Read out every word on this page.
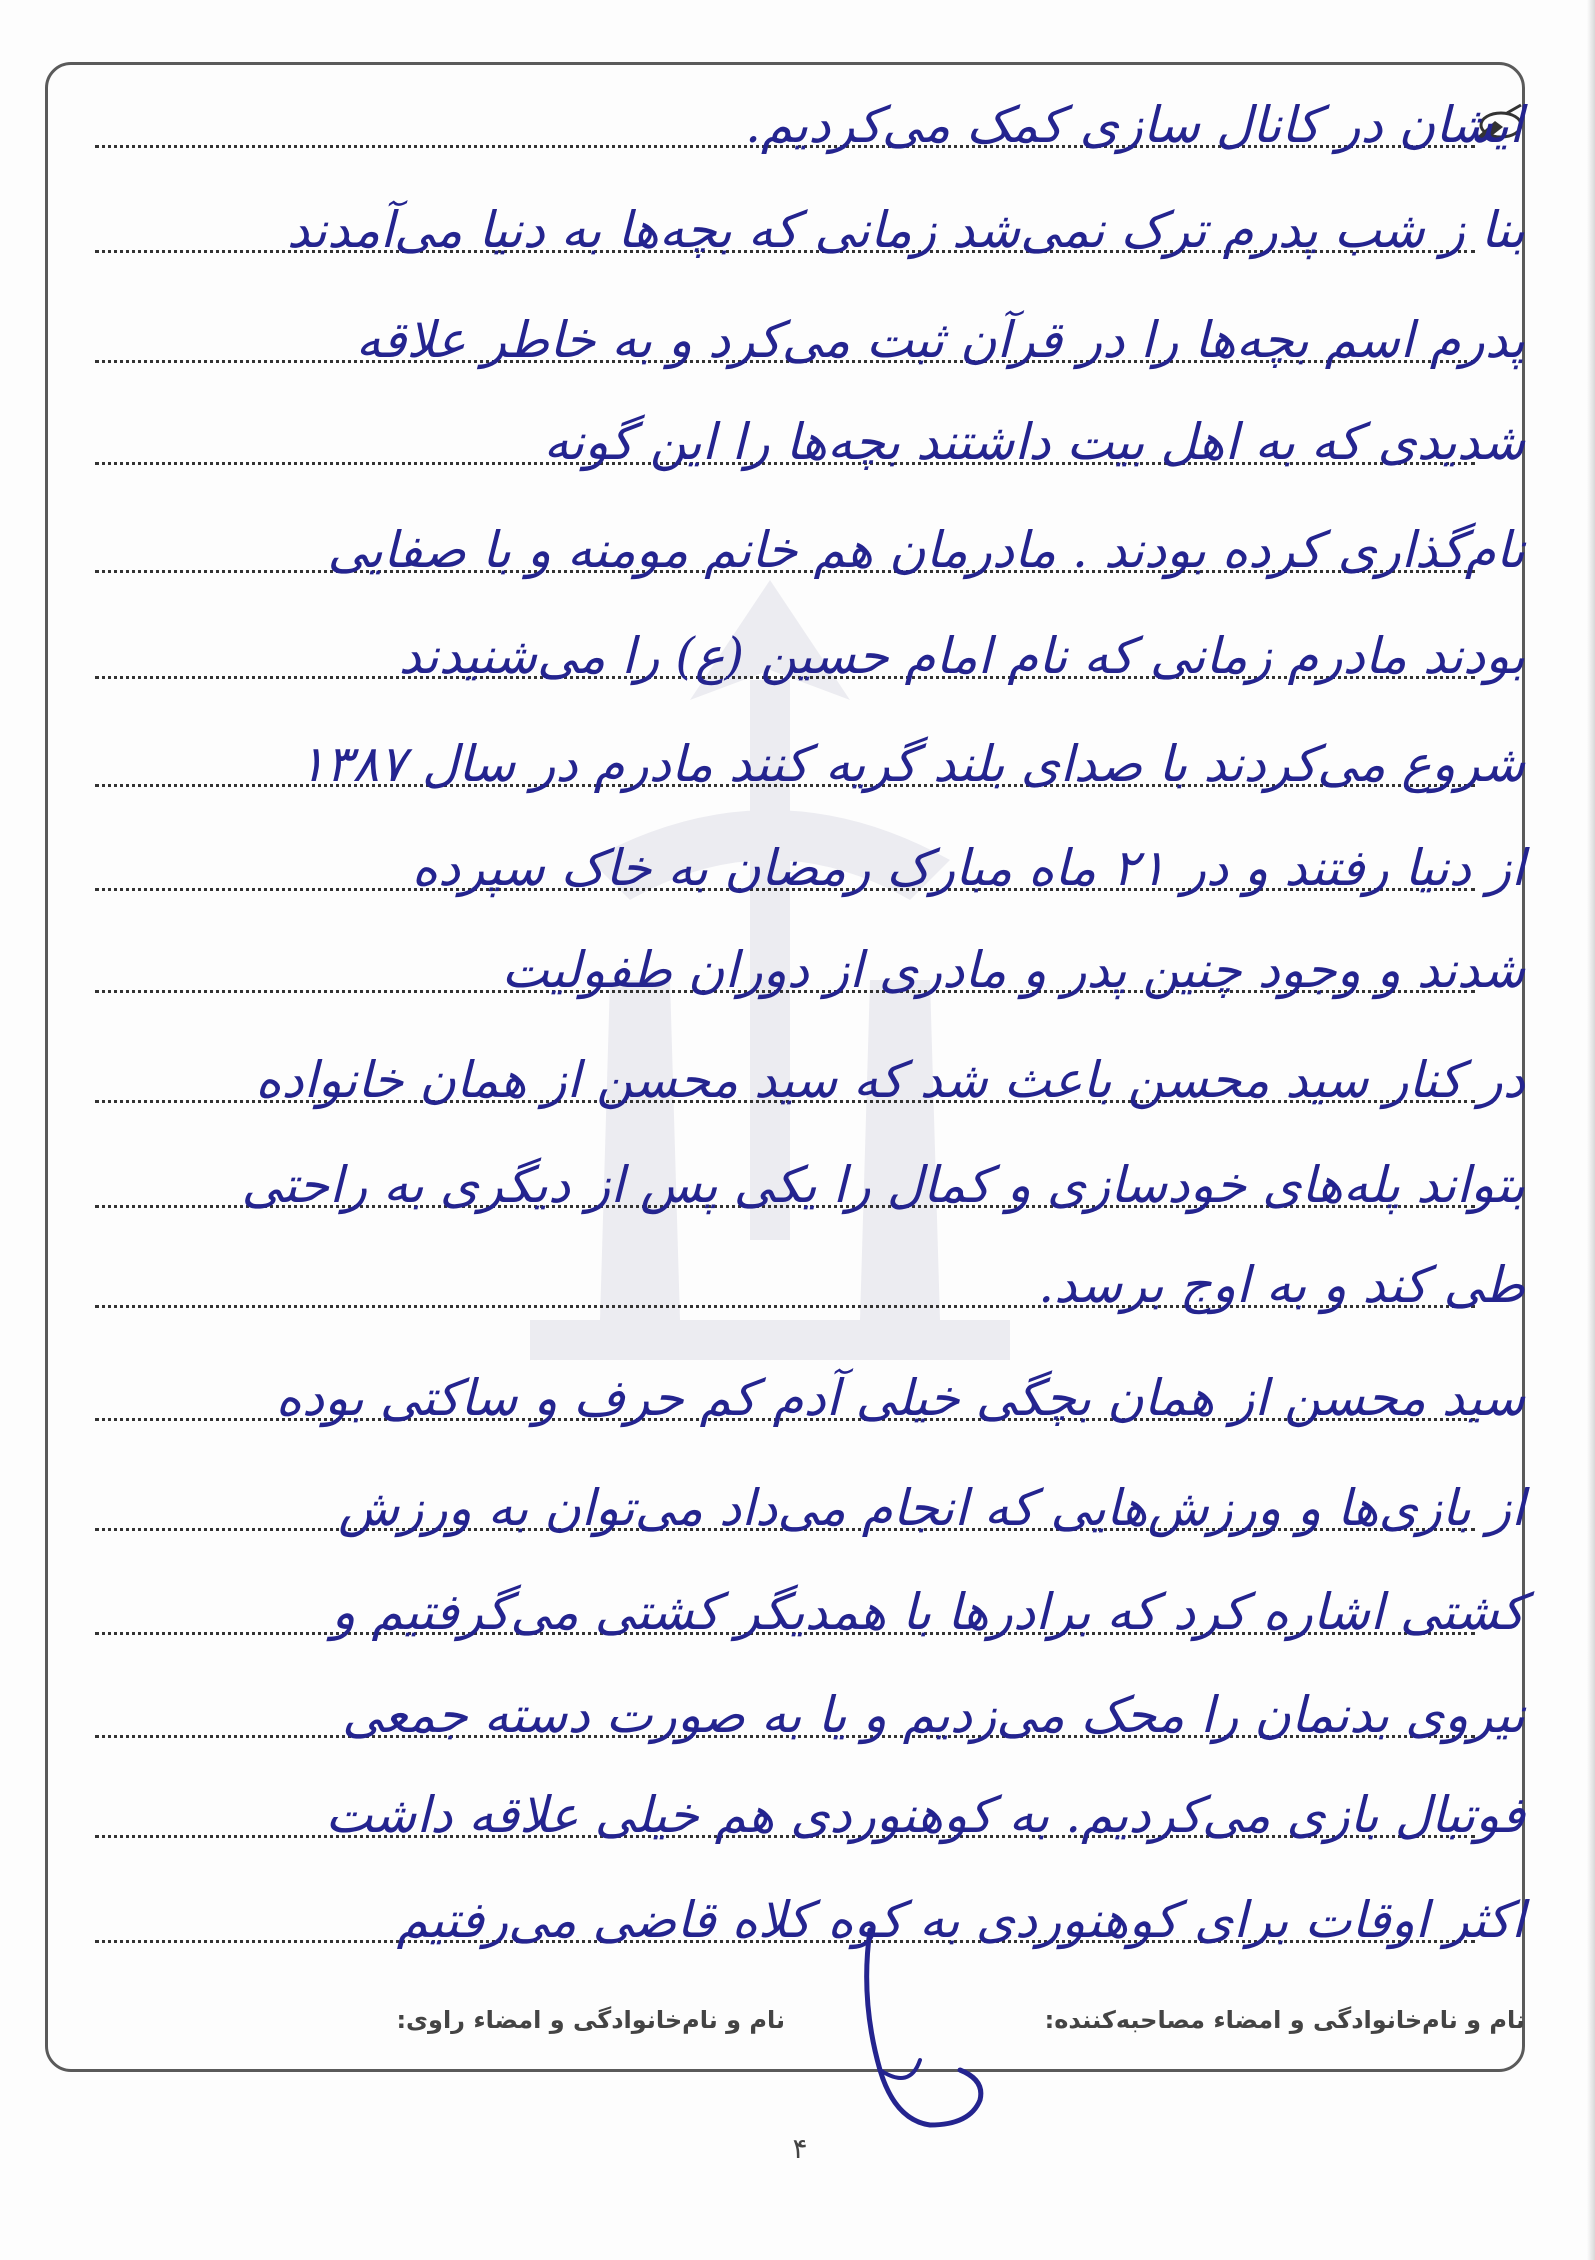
ایشان در کانال سازی کمک می‌کردیم.
بنا ز شب پدرم ترک نمی‌شد زمانی که بچه‌ها به دنیا می‌آمدند
پدرم اسم بچه‌ها را در قرآن ثبت می‌کرد و به خاطر علاقه
شدیدی که به اهل بیت داشتند بچه‌ها را این گونه
نام‌گذاری کرده بودند . مادرمان هم خانم مومنه و با صفایی
بودند مادرم زمانی که نام امام حسین (ع) را می‌شنیدند
شروع می‌کردند با صدای بلند گریه کنند مادرم در سال ۱۳۸۷
از دنیا رفتند و در ۲۱ ماه مبارک رمضان به خاک سپرده
شدند و وجود چنین پدر و مادری از دوران طفولیت
در کنار سید محسن باعث شد که سید محسن از همان خانواده
بتواند پله‌های خودسازی و کمال را یکی پس از دیگری به راحتی
طی کند و به اوج برسد.
سید محسن از همان بچگی خیلی آدم کم حرف و ساکتی بوده
از بازی‌ها و ورزش‌هایی که انجام می‌داد می‌توان به ورزش
کشتی اشاره کرد که برادرها با همدیگر کشتی می‌گرفتیم و
نیروی بدنمان را محک می‌زدیم و یا به صورت دسته جمعی
فوتبال بازی می‌کردیم. به کوهنوردی هم خیلی علاقه داشت
اکثر اوقات برای کوهنوردی به کوه کلاه قاضی می‌رفتیم
نام و نام‌خانوادگی و امضاء مصاحبه‌کننده:
نام و نام‌خانوادگی و امضاء راوی:
۴
